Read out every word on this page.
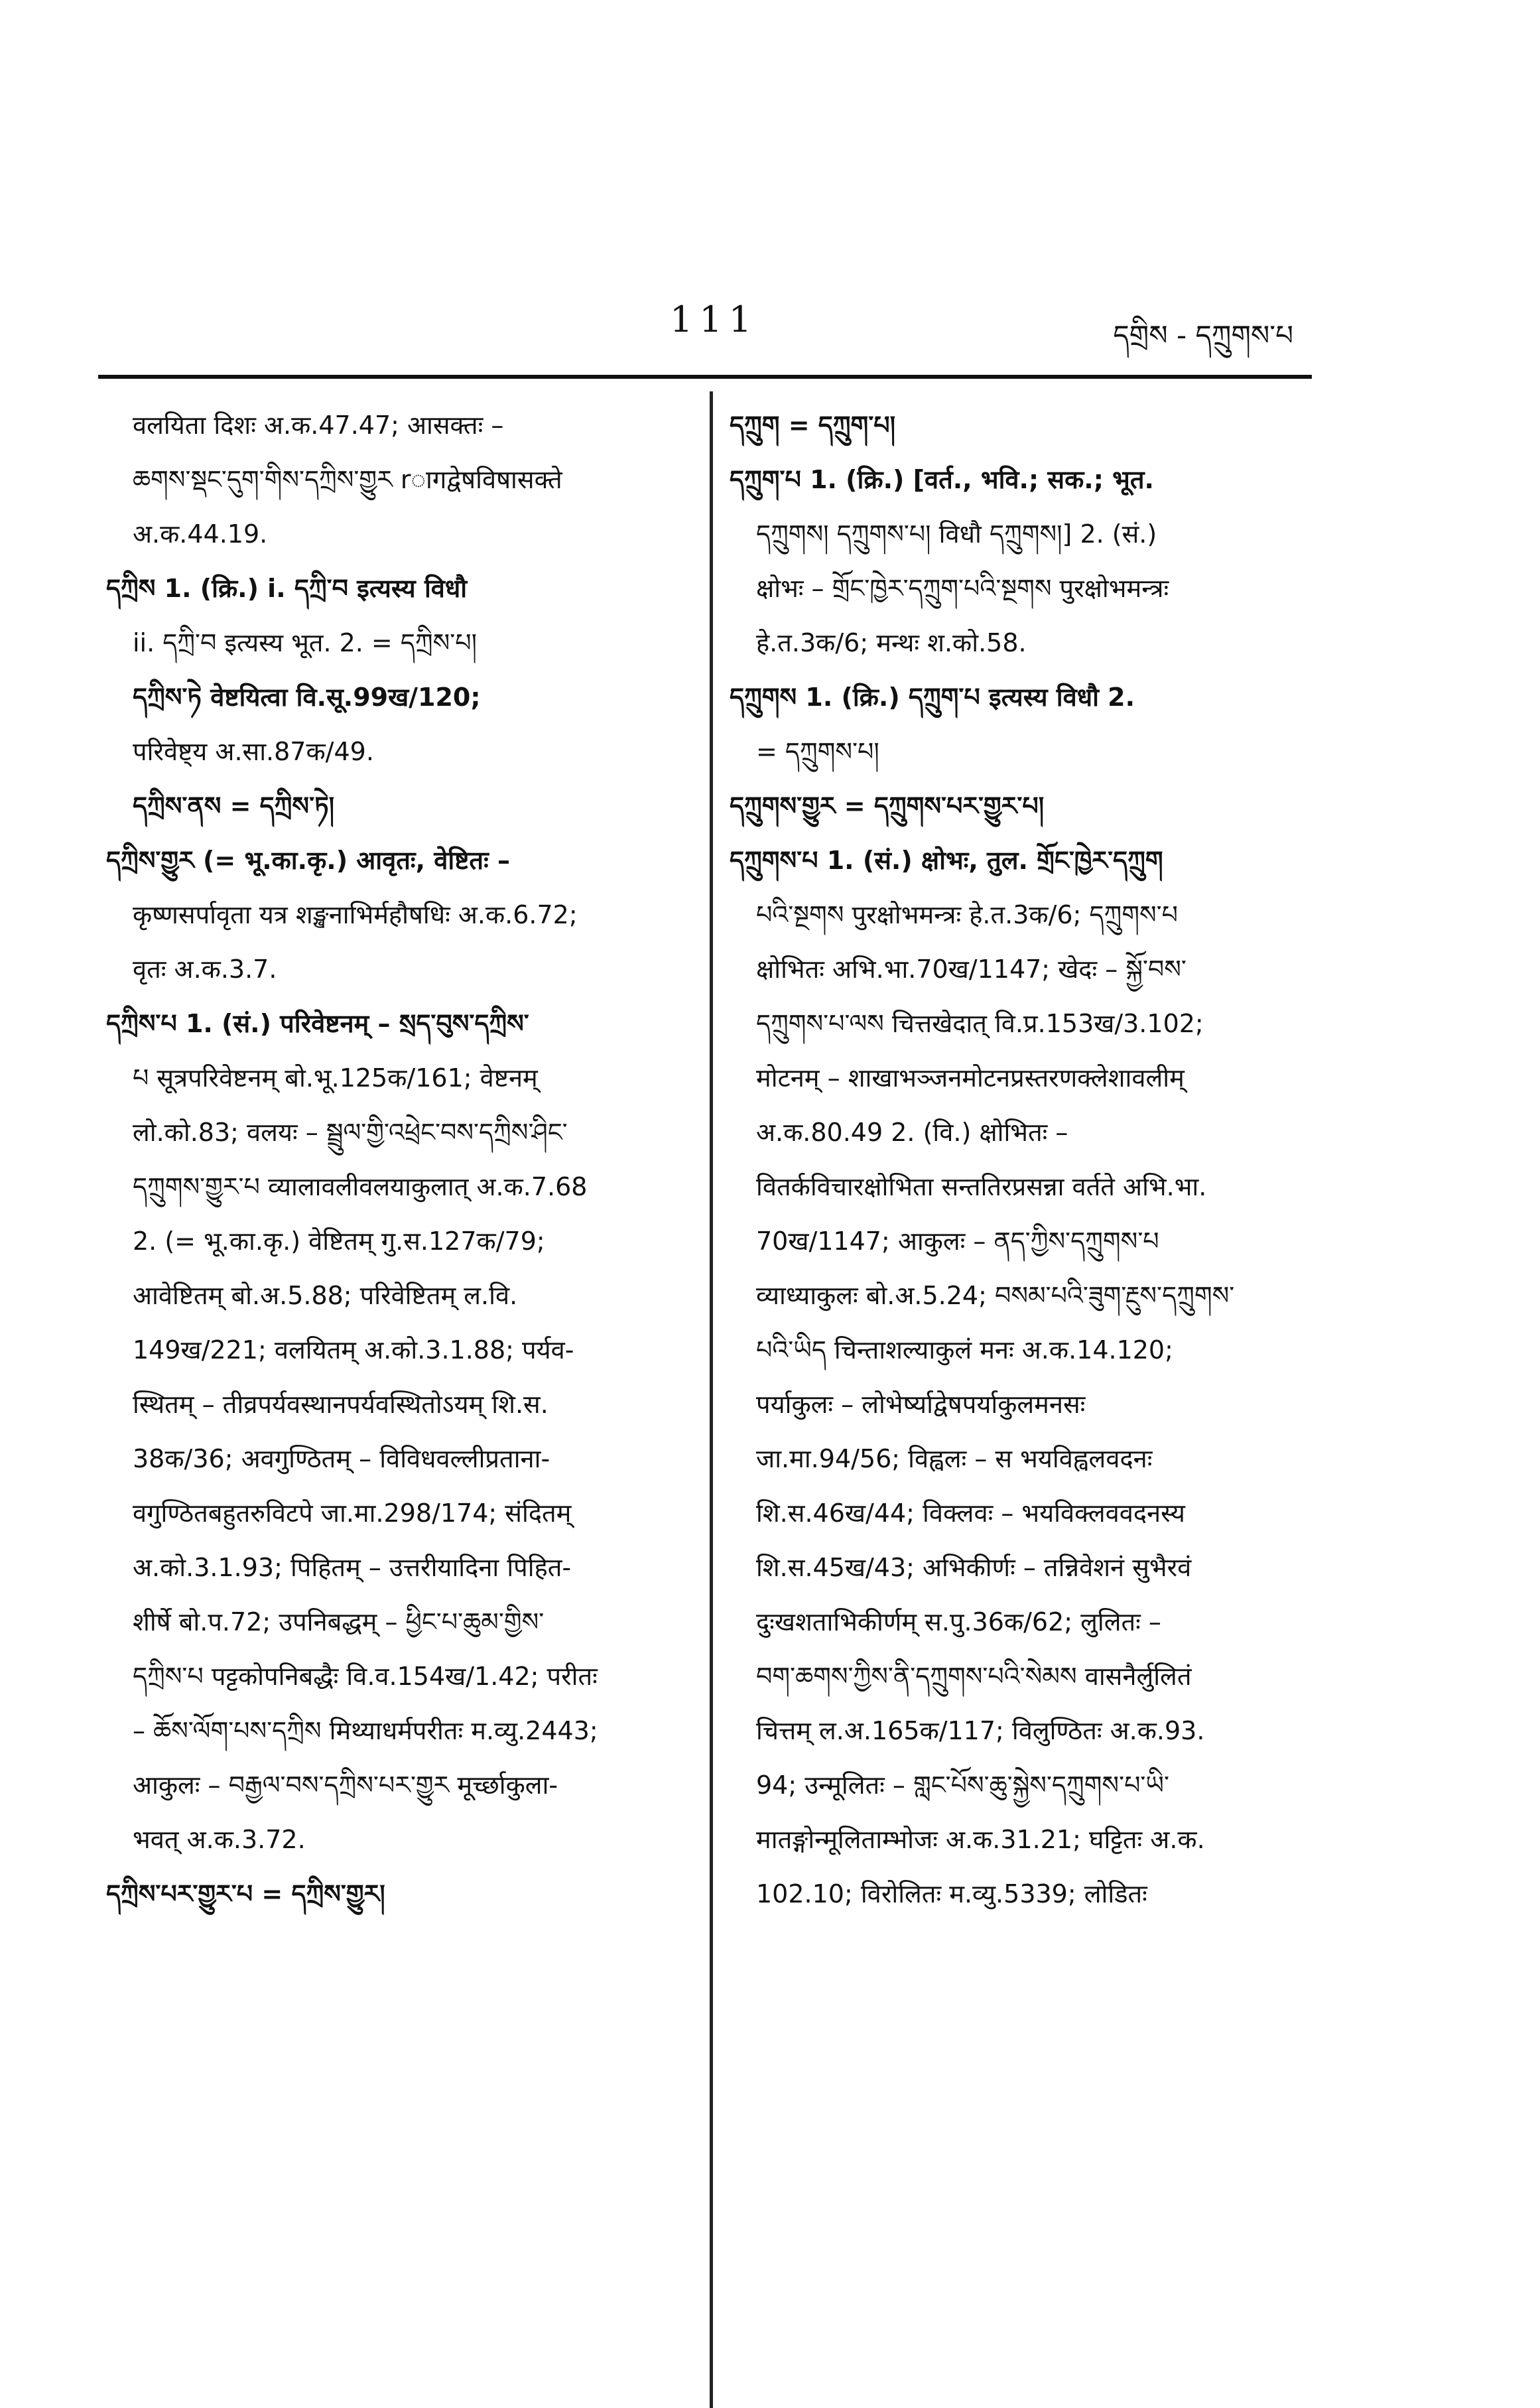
111	དགྲིས - དཀྲུགས་པ
वलयिता दिशः अ.क.47.47; आसक्तः –
ཆགས་སྡང་དུག་གིས་དཀྲིས་གྱུར rागद्वेषविषासक्ते
अ.क.44.19.
དཀྲིས 1. (क्रि.) i. དཀྲི་བ इत्यस्य विधौ
ii. དཀྲི་བ इत्यस्य भूत. 2. = དཀྲིས་པ།
དཀྲིས་ཏེ वेष्टयित्वा वि.सू.99ख/120;
परिवेष्ट्य अ.सा.87क/49.
དཀྲིས་ནས = དཀྲིས་ཏེ།
དཀྲིས་གྱུར (= भू.का.कृ.) आवृतः, वेष्टितः –
कृष्णसर्पावृता यत्र शङ्खनाभिर्महौषधिः अ.क.6.72;
वृतः अ.क.3.7.
དཀྲིས་པ 1. (सं.) परिवेष्टनम् – སྲད་བུས་དཀྲིས་
པ सूत्रपरिवेष्टनम् बो.भू.125क/161; वेष्टनम्
लो.को.83; वलयः – སྦྲུལ་གྱི་འཕྲེང་བས་དཀྲིས་ཤིང་
དཀྲུགས་གྱུར་པ व्यालावलीवलयाकुलात् अ.क.7.68
2. (= भू.का.कृ.) वेष्टितम् गु.स.127क/79;
आवेष्टितम् बो.अ.5.88; परिवेष्टितम् ल.वि.
149ख/221; वलयितम् अ.को.3.1.88; पर्यव-
स्थितम् – तीव्रपर्यवस्थानपर्यवस्थितोऽयम् शि.स.
38क/36; अवगुण्ठितम् – विविधवल्लीप्रताना-
वगुण्ठितबहुतरुविटपे जा.मा.298/174; संदितम्
अ.को.3.1.93; पिहितम् – उत्तरीयादिना पिहित-
शीर्षे बो.प.72; उपनिबद्धम् – ཕྱིང་པ་ཆུམ་གྱིས་
དཀྲིས་པ पट्टकोपनिबद्धैः वि.व.154ख/1.42; परीतः
– ཆོས་ལོག་པས་དཀྲིས मिथ्याधर्मपरीतः म.व्यु.2443;
आकुलः – བརྒྱལ་བས་དཀྲིས་པར་གྱུར मूर्च्छाकुला-
भवत् अ.क.3.72.
དཀྲིས་པར་གྱུར་པ = དཀྲིས་གྱུར།
དཀྲུག = དཀྲུག་པ།
དཀྲུག་པ 1. (क्रि.) [वर्त., भवि.; सक.; भूत.
དཀྲུགས། དཀྲུགས་པ། विधौ དཀྲུགས།] 2. (सं.)
क्षोभः – གྲོང་ཁྱེར་དཀྲུག་པའི་སྔགས पुरक्षोभमन्त्रः
हे.त.3क/6; मन्थः श.को.58.
དཀྲུགས 1. (क्रि.) དཀྲུག་པ इत्यस्य विधौ 2.
= དཀྲུགས་པ།
དཀྲུགས་གྱུར = དཀྲུགས་པར་གྱུར་པ།
དཀྲུགས་པ 1. (सं.) क्षोभः, तुल. གྲོང་ཁྱེར་དཀྲུག
པའི་སྔགས पुरक्षोभमन्त्रः हे.त.3क/6; དཀྲུགས་པ
क्षोभितः अभि.भा.70ख/1147; खेदः – སྐྱོ་བས་
དཀྲུགས་པ་ལས चित्तखेदात् वि.प्र.153ख/3.102;
मोटनम् – शाखाभञ्जनमोटनप्रस्तरणक्लेशावलीम्
अ.क.80.49 2. (वि.) क्षोभितः –
वितर्कविचारक्षोभिता सन्ततिरप्रसन्ना वर्तते अभि.भा.
70ख/1147; आकुलः – ནད་ཀྱིས་དཀྲུགས་པ
व्याध्याकुलः बो.अ.5.24; བསམ་པའི་ཟུག་རྔུས་དཀྲུགས་
པའི་ཡིད चिन्ताशल्याकुलं मनः अ.क.14.120;
पर्याकुलः – लोभेर्ष्याद्वेषपर्याकुलमनसः
जा.मा.94/56; विह्वलः – स भयविह्वलवदनः
शि.स.46ख/44; विक्लवः – भयविक्लववदनस्य
शि.स.45ख/43; अभिकीर्णः – तन्निवेशनं सुभैरवं
दुःखशताभिकीर्णम् स.पु.36क/62; लुलितः –
བག་ཆགས་ཀྱིས་ནི་དཀྲུགས་པའི་སེམས वासनैर्लुलितं
चित्तम् ल.अ.165क/117; विलुण्ठितः अ.क.93.
94; उन्मूलितः – གླང་པོས་ཆུ་སྐྱེས་དཀྲུགས་པ་ཡི་
मातङ्गोन्मूलिताम्भोजः अ.क.31.21; घट्टितः अ.क.
102.10; विरोलितः म.व्यु.5339; लोडितः
